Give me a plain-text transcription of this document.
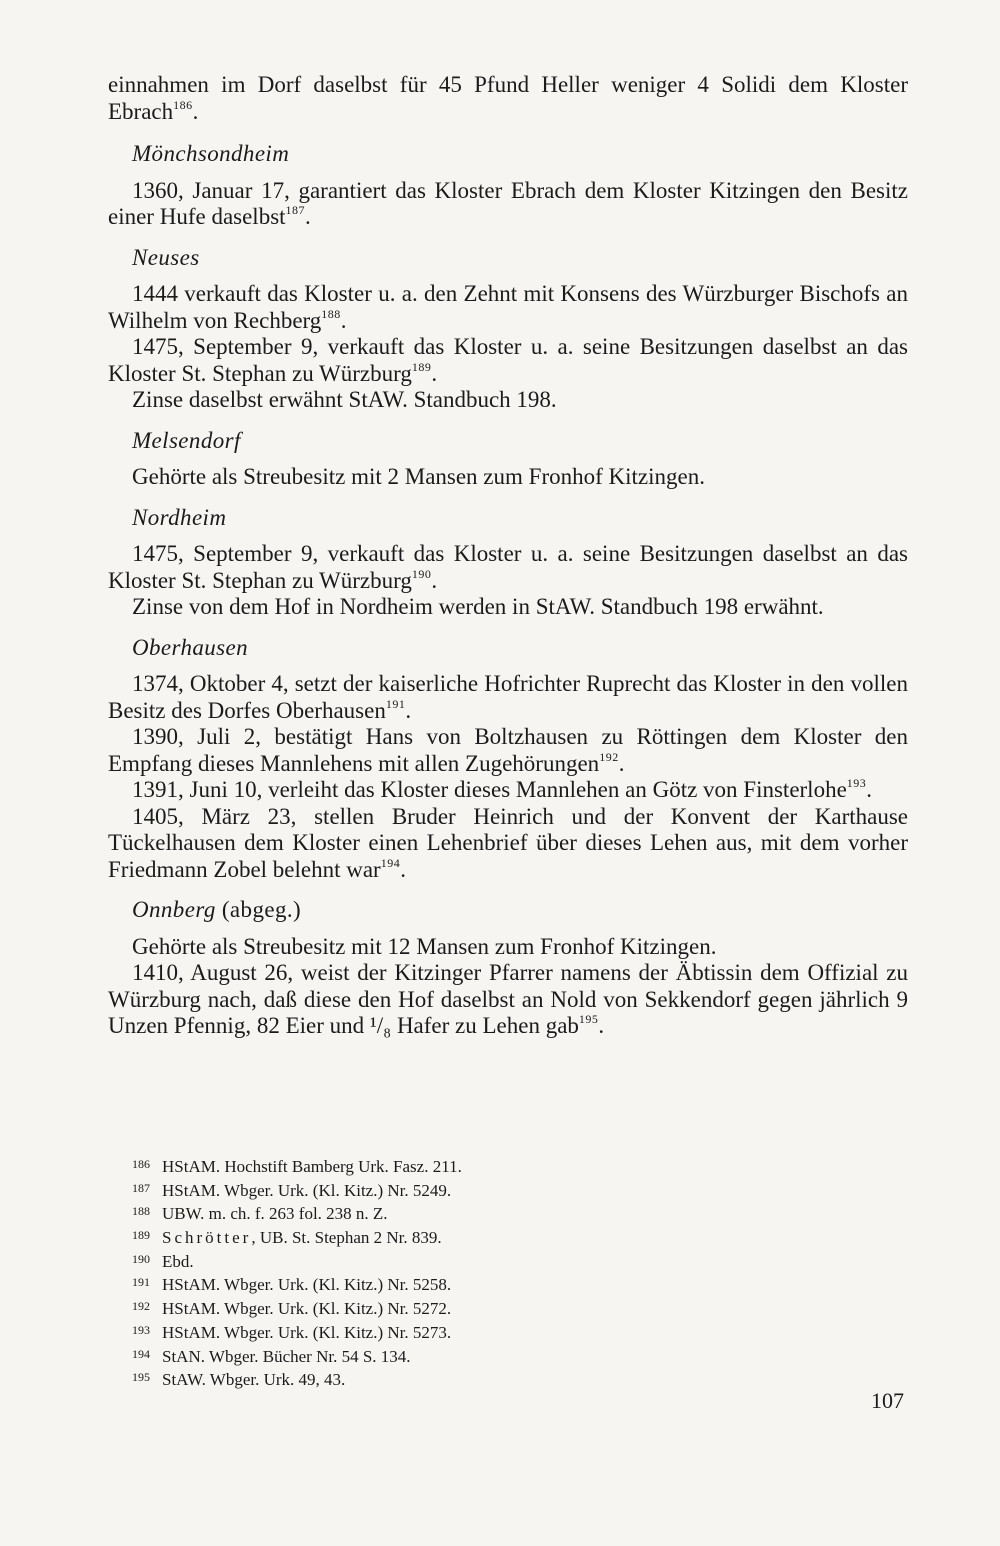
einnahmen im Dorf daselbst für 45 Pfund Heller weniger 4 Solidi dem Kloster Ebrach$^{186}$.

Mönchsondheim

1360, Januar 17, garantiert das Kloster Ebrach dem Kloster Kitzingen den Besitz einer Hufe daselbst$^{187}$.

Neuses

1444 verkauft das Kloster u. a. den Zehnt mit Konsens des Würzburger Bischofs an Wilhelm von Rechberg$^{188}$.

1475, September 9, verkauft das Kloster u. a. seine Besitzungen daselbst an das Kloster St. Stephan zu Würzburg$^{189}$.

Zinse daselbst erwähnt StAW. Standbuch 198.

Melsendorf

Gehörte als Streubesitz mit 2 Mansen zum Fronhof Kitzingen.

Nordheim

1475, September 9, verkauft das Kloster u. a. seine Besitzungen daselbst an das Kloster St. Stephan zu Würzburg$^{190}$.

Zinse von dem Hof in Nordheim werden in StAW. Standbuch 198 erwähnt.

Oberhausen

1374, Oktober 4, setzt der kaiserliche Hofrichter Ruprecht das Kloster in den vollen Besitz des Dorfes Oberhausen$^{191}$.

1390, Juli 2, bestätigt Hans von Boltzhausen zu Röttingen dem Kloster den Empfang dieses Mannlehens mit allen Zugehörungen$^{192}$.

1391, Juni 10, verleiht das Kloster dieses Mannlehen an Götz von Finsterlohe$^{193}$.

1405, März 23, stellen Bruder Heinrich und der Konvent der Karthause Tückelhausen dem Kloster einen Lehenbrief über dieses Lehen aus, mit dem vorher Friedmann Zobel belehnt war$^{194}$.

Onnberg (abgeg.)

Gehörte als Streubesitz mit 12 Mansen zum Fronhof Kitzingen.

1410, August 26, weist der Kitzinger Pfarrer namens der Äbtissin dem Offizial zu Würzburg nach, daß diese den Hof daselbst an Nold von Sekkendorf gegen jährlich 9 Unzen Pfennig, 82 Eier und ¹/₈ Hafer zu Lehen gab$^{195}$.

186 HStAM. Hochstift Bamberg Urk. Fasz. 211.
187 HStAM. Wbger. Urk. (Kl. Kitz.) Nr. 5249.
188 UBW. m. ch. f. 263 fol. 238 n. Z.
189 Schrötter, UB. St. Stephan 2 Nr. 839.
190 Ebd.
191 HStAM. Wbger. Urk. (Kl. Kitz.) Nr. 5258.
192 HStAM. Wbger. Urk. (Kl. Kitz.) Nr. 5272.
193 HStAM. Wbger. Urk. (Kl. Kitz.) Nr. 5273.
194 StAN. Wbger. Bücher Nr. 54 S. 134.
195 StAW. Wbger. Urk. 49, 43.
107
